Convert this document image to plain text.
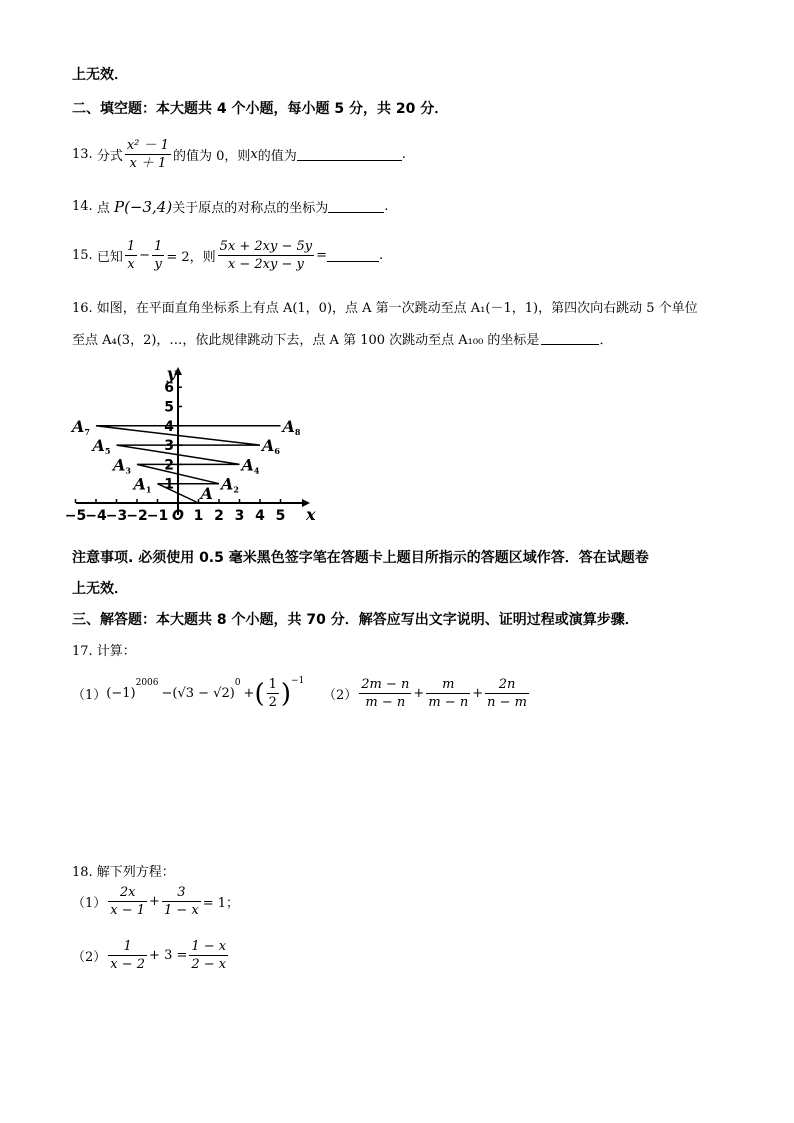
上无效．
二、填空题：本大题共 4 个小题，每小题 5 分，共 20 分．
13.
分式 $\frac{\text{x² － 1}}{x + 1}$ 的值为 0，则 x 的值为	.
14.
点
P(−3,4) 关于原点的对称点的坐标为	.
15.
已知 $\frac{1}{x} - \frac{1}{y} = 2$，则 $\frac{5x + 2xy - 5y}{x - 2xy - y}$ =	.
16. 如图，在平面直角坐标系上有点 A(1，0)，点 A 第一次跳动至点 A₁(－1，1)，第四次向右跳动 5 个单位
至点 A₄(3，2)，…，依此规律跳动下去，点 A 第 100 次跳动至点 A₁₀₀ 的坐标是	．
−5 −4 −3 −2 −1 O 1 2 3 4 5 x
1
2
3
4
5
6
y
A
A1	A2
A3	A4
A5	A6
A7	A8
注意事项. 必须使用 0.5 毫米黑色签字笔在答题卡上题目所指示的答题区域作答．答在试题卷
上无效．
三、解答题：本大题共 8 个小题，共 70 分．解答应写出文字说明、证明过程或演算步骤．
17. 计算：
（1） (−1)
$^{2006}$
−(√3 − √2)
$^0$
+ ( $\frac{1}{2} )^{-1}$
$(2) \frac{2m - n}{m - n} + \frac{m}{m - n} + \frac{2n}{n - m}$
18. 解下列方程：
$(1) \frac{2x}{x - 1} + \frac{3}{1 - x} = 1$；
$(2) \frac{1}{x - 2} + 3 = \frac{1 - x}{2 - x}$
